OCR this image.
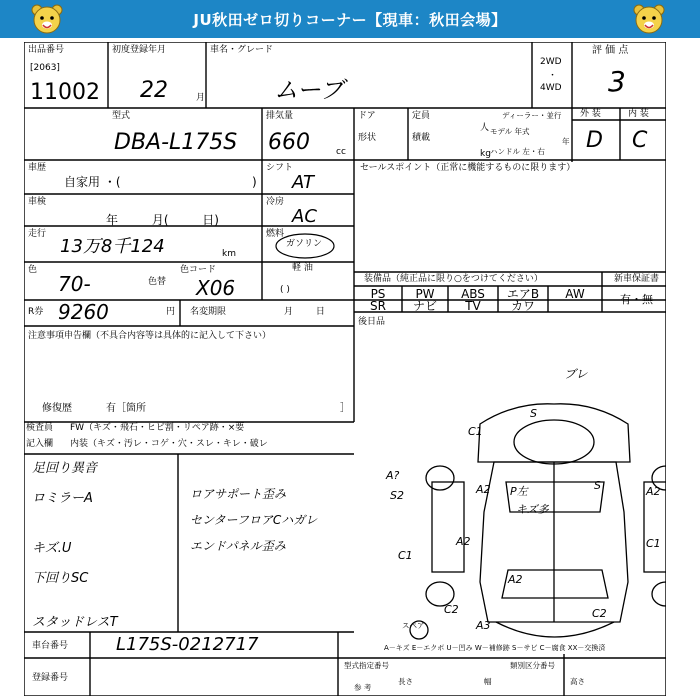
JU秋田ゼロ切りコーナー【現車：秋田会場】
出品番号
[2063]
11002
初度登録年月
22	月
車名・グレード
ムーブ
2WD
・
4WD
評 価 点
3
型式
DBA-L175S
排気量
660	cc
ドア	定員
形状	積載
人
kg
ディーラー・並行
モデル 年式
年
ハンドル 左・右
外 装	内 装
D C
車歴
自家用 ・(	)
シフト
AT
車検
年 月( 日)
冷房
AC
走行
13万8千124	km
燃料
ガソリン
軽 油
( )
色
70-	色替
色コード
X06
R券 9260	円 名変期限	月 日
注意事項申告欄（不具合内容等は具体的に記入して下さい）
修復歴	有［箇所	］
検査員
記入欄
FW（キズ・飛石・ヒビ割・リペア跡・×要
内装（キズ・汚レ・コゲ・穴・スレ・キレ・破レ
足回り異音
ロミラーA
キズ.U
下回りSC
スタッドレスT
ロアサポート歪み
センターフロアCハガレ
エンドパネル歪み
セールスポイント（正常に機能するものに限ります）
装備品（純正品に限り○をつけてください）	新車保証書
有・無
PS	PW	ABS	エアB	AW
SR	ナビ	TV	カワ
後日品
ブレ
S
C1
A2
A?
S2	A2
P左
キズ多
S
A2
C1
C1
A2
C2	C2
A3
スペア
A－キズ E－エクボ U－凹み W－補修跡 S－サビ C－腐食 XX－交換済
車台番号	L175S-0212717
登録番号
型式指定番号	類別区分番号
参 考
長さ	幅	高さ
